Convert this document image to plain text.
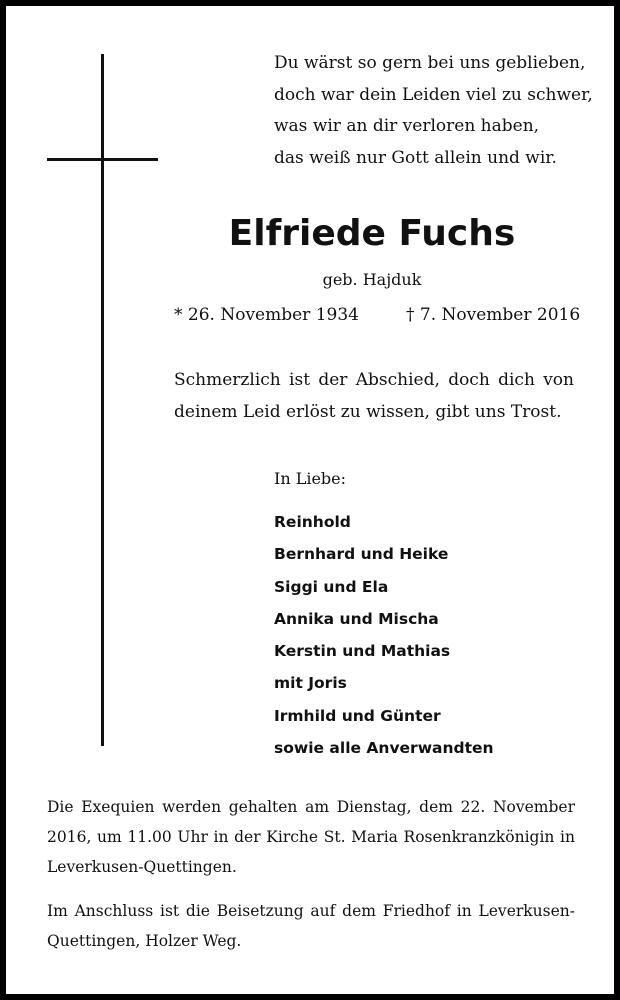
Du wärst so gern bei uns geblieben,
doch war dein Leiden viel zu schwer,
was wir an dir verloren haben,
das weiß nur Gott allein und wir.
Elfriede Fuchs
geb. Hajduk
* 26. November 1934	† 7. November 2016
Schmerzlich ist der Abschied, doch dich von deinem Leid erlöst zu wissen, gibt uns Trost.
In Liebe:
Reinhold
Bernhard und Heike
Siggi und Ela
Annika und Mischa
Kerstin und Mathias
mit Joris
Irmhild und Günter
sowie alle Anverwandten
Die Exequien werden gehalten am Dienstag, dem 22. November 2016, um 11.00 Uhr in der Kirche St. Maria Rosenkranzkönigin in Leverkusen-Quettingen.
Im Anschluss ist die Beisetzung auf dem Friedhof in Leverkusen-Quettingen, Holzer Weg.
